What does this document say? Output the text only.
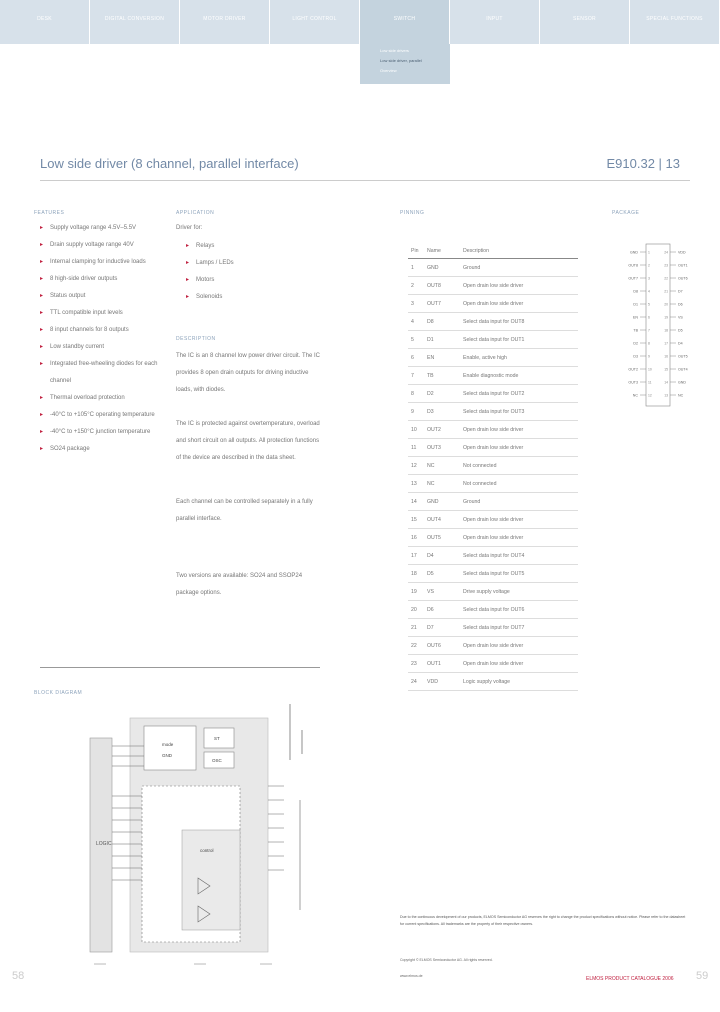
DESK	DIGITAL CONVERSION	MOTOR DRIVER	LIGHT CONTROL	SWITCH	INPUT	SENSOR	SPECIAL FUNCTIONS
Low side drivers
Low side driver, parallel
Overview
Low side driver (8 channel, parallel interface)	E910.32 | 13
FEATURES
▸ Supply voltage range 4.5V–5.5V
▸ Drain supply voltage range 40V
▸ Internal clamping for inductive loads
▸ 8 high-side driver outputs
▸ Status output
▸ TTL compatible input levels
▸ 8 input channels for 8 outputs
▸ Low standby current
▸ Integrated free-wheeling diodes for each channel
▸ Thermal overload protection
▸ -40°C to +105°C operating temperature
▸ -40°C to +150°C junction temperature
▸ SO24 package
APPLICATION
Driver for:
▸ Relays
▸ Lamps / LEDs
▸ Motors
▸ Solenoids
DESCRIPTION
The IC is an 8 channel low power driver circuit. The IC provides 8 open drain outputs for driving inductive loads, with diodes.
The IC is protected against overtemperature, overload and short circuit on all outputs. All protection functions of the device are described in the data sheet.
Each channel can be controlled separately in a fully parallel interface.
Two versions are available: SO24 and SSOP24 package options.
PINNING
Pin	Name	Description
1	GND	Ground
2	OUT8	Open drain low side driver
3	OUT7	Open drain low side driver
4	D8	Select data input for OUT8
5	D1	Select data input for OUT1
6	EN	Enable, active high
7	TB	Enable diagnostic mode
8	D2	Select data input for OUT2
9	D3	Select data input for OUT3
10	OUT2	Open drain low side driver
11	OUT3	Open drain low side driver
12	NC	Not connected
13	NC	Not connected
14	GND	Ground
15	OUT4	Open drain low side driver
16	OUT5	Open drain low side driver
17	D4	Select data input for OUT4
18	D5	Select data input for OUT5
19	VS	Drive supply voltage
20	D6	Select data input for OUT6
21	D7	Select data input for OUT7
22	OUT6	Open drain low side driver
23	OUT1	Open drain low side driver
24	VDD	Logic supply voltage
PACKAGE
GND	1
OUT8	2
OUT7	3
D8	4
D1	5
EN	6
TB	7
D2	8
D3	9
OUT2	10
OUT3	11
NC	12
VDD
24
OUT1
23
OUT6
22
D7
21
D6
20
VS
19
D5
18
D4
17
OUT5
16
OUT4
15
GND
14
NC
13
BLOCK DIAGRAM
LOGIC
mode
GND
ST
OSC
control
Due to the continuous development of our products, ELMOS Semiconductor AG reserves the right to change the product specifications without notice. Please refer to the datasheet for current specifications. All trademarks are the property of their respective owners.
Copyright © ELMOS Semiconductor AG. All rights reserved.
www.elmos.de
58	ELMOS PRODUCT CATALOGUE 2006 59
